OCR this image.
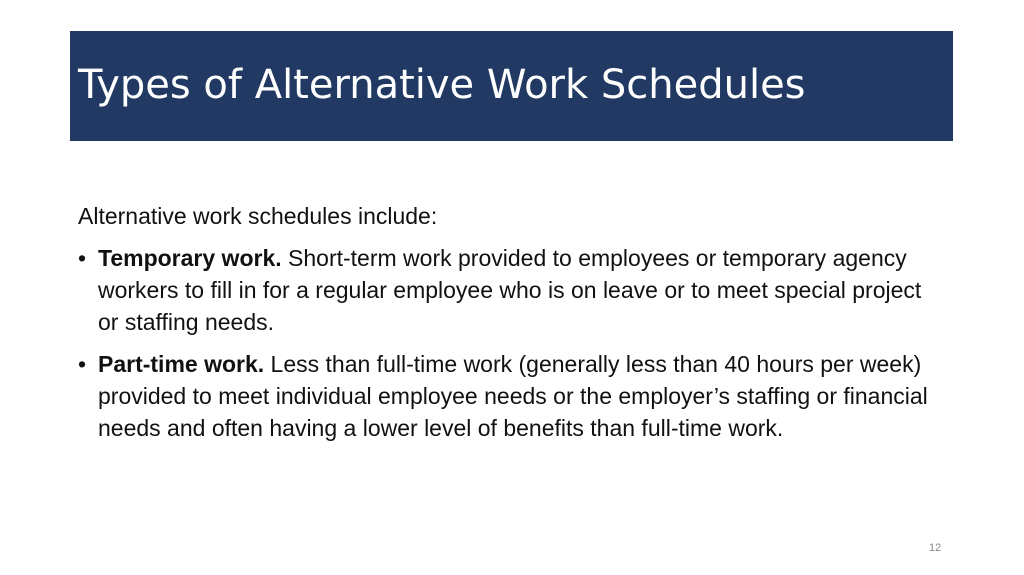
Types of Alternative Work Schedules

Alternative work schedules include:

• Temporary work. Short-term work provided to employees or temporary agency workers to fill in for a regular employee who is on leave or to meet special project or staffing needs.
• Part-time work. Less than full-time work (generally less than 40 hours per week) provided to meet individual employee needs or the employer’s staffing or financial needs and often having a lower level of benefits than full-time work.
12
